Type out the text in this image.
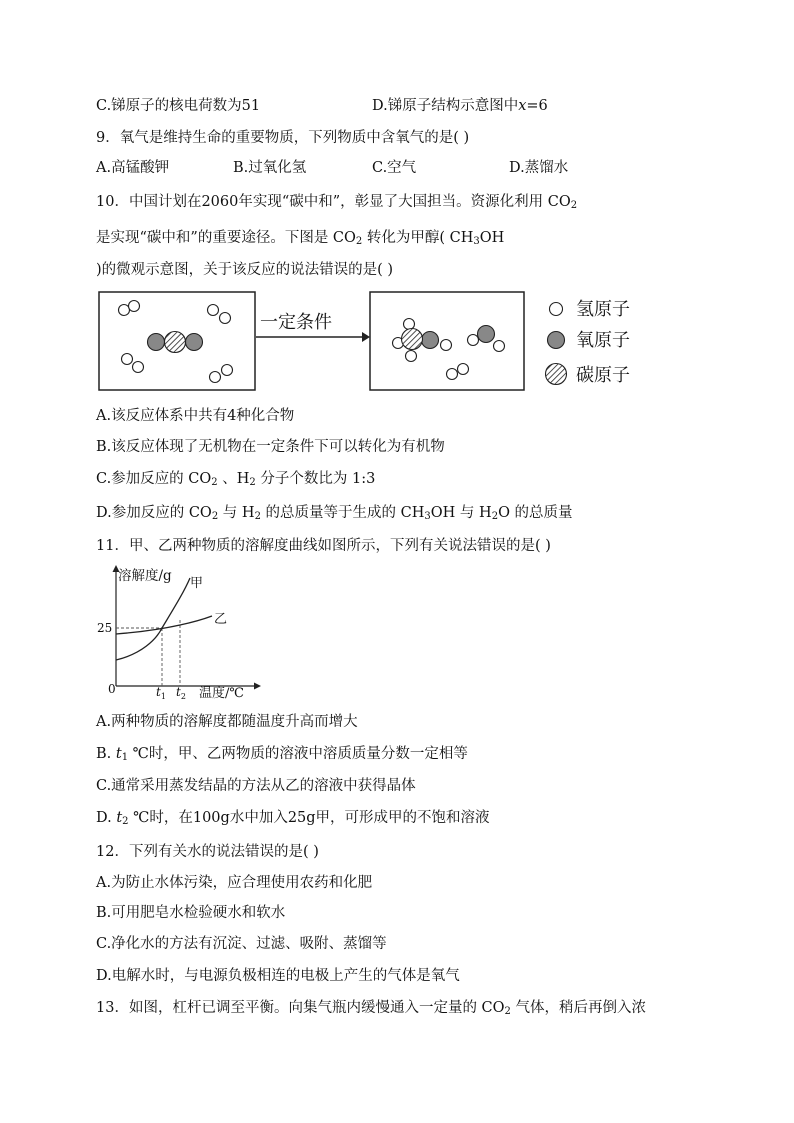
C.锑原子的核电荷数为51	D.锑原子结构示意图中x=6
9．氧气是维持生命的重要物质，下列物质中含氧气的是( )
A.高锰酸钾	B.过氧化氢	C.空气	D.蒸馏水
10．中国计划在2060年实现“碳中和”，彰显了大国担当。资源化利用 $CO_2$
是实现“碳中和”的重要途径。下图是 $CO_2$ 转化为甲醇( $CH_3OH$
)的微观示意图，关于该反应的说法错误的是( )
一定条件
氢原子
氧原子
碳原子
A.该反应体系中共有4种化合物
B.该反应体现了无机物在一定条件下可以转化为有机物
C.参加反应的 $CO_2$ 、$H_2$ 分子个数比为 1:3
D.参加反应的 $CO_2$ 与 $H_2$ 的总质量等于生成的 $CH_3OH$ 与 $H_2O$ 的总质量
11．甲、乙两种物质的溶解度曲线如图所示，下列有关说法错误的是( )
溶解度/g
温度/℃
0
25
甲
乙
$t_1$ $t_2$
A.两种物质的溶解度都随温度升高而增大
B. $t_1$ ℃时，甲、乙两物质的溶液中溶质质量分数一定相等
C.通常采用蒸发结晶的方法从乙的溶液中获得晶体
D. $t_2$ ℃时，在100g水中加入25g甲，可形成甲的不饱和溶液
12．下列有关水的说法错误的是( )
A.为防止水体污染，应合理使用农药和化肥
B.可用肥皂水检验硬水和软水
C.净化水的方法有沉淀、过滤、吸附、蒸馏等
D.电解水时，与电源负极相连的电极上产生的气体是氧气
13．如图，杠杆已调至平衡。向集气瓶内缓慢通入一定量的 $CO_2$ 气体，稍后再倒入浓
